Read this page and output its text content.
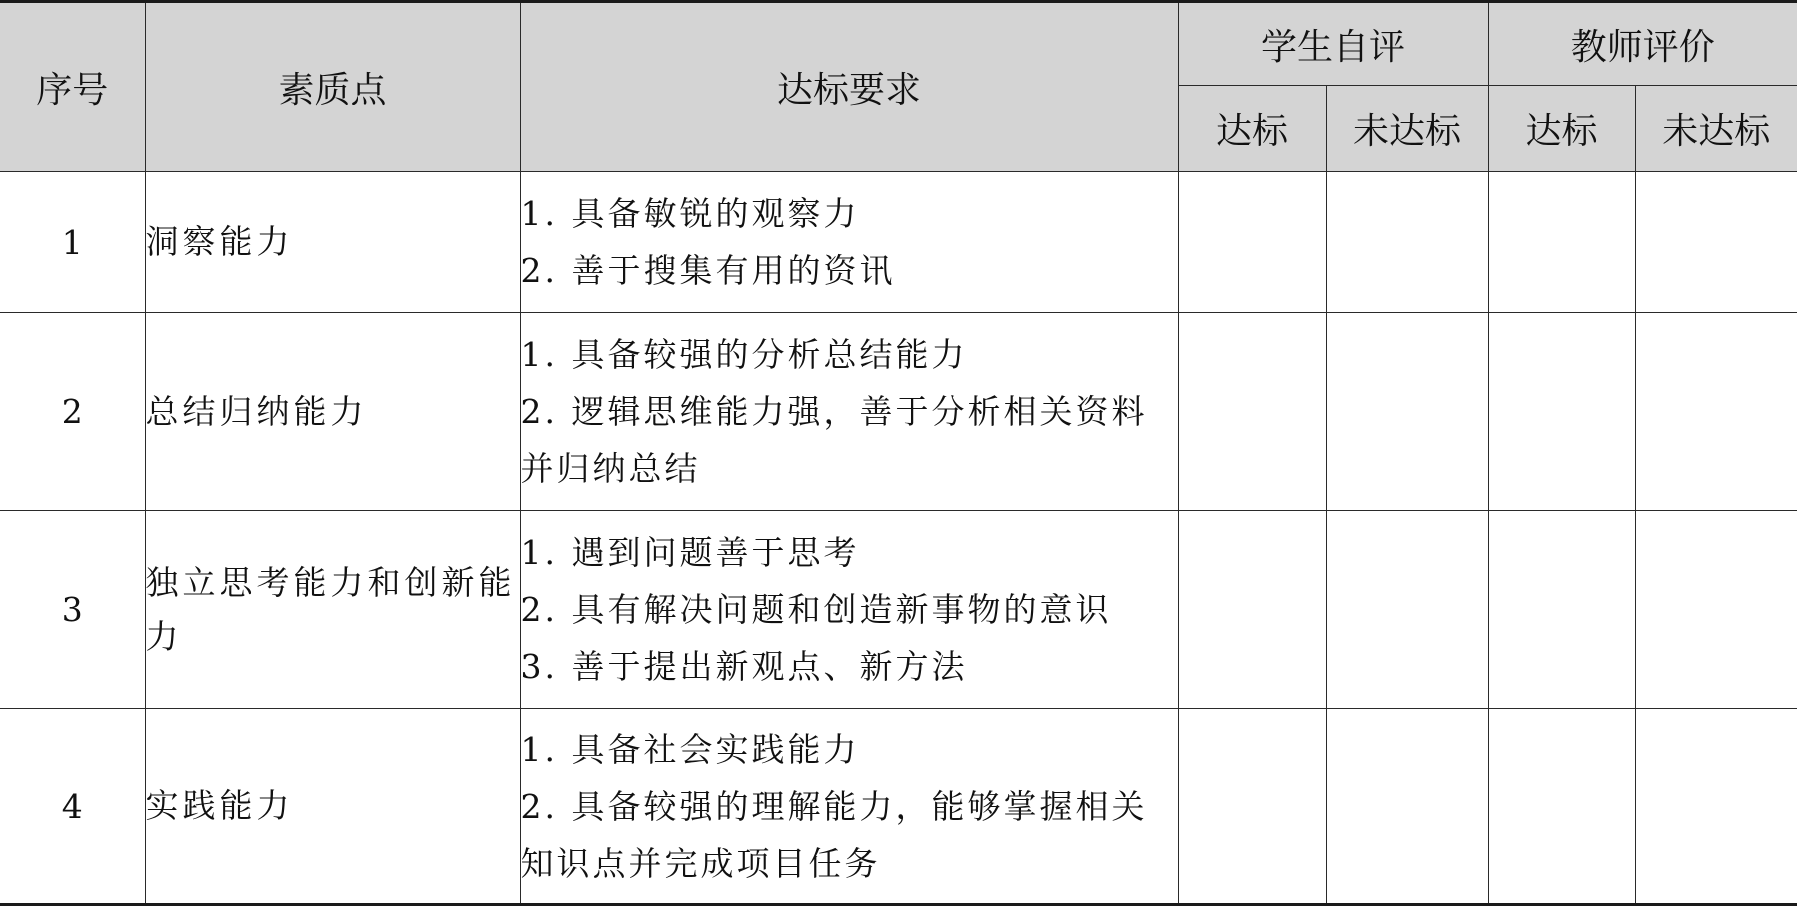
序号	素质点	达标要求	学生自评		教师评价	
			达标	未达标	达标	未达标
1	洞察能力	1. 具备敏锐的观察力
2. 善于搜集有用的资讯				

2	总结归纳能力	1. 具备较强的分析总结能力
2. 逻辑思维能力强，善于分析相关资料并归纳总结				

3	独立思考能力和创新能力	1. 遇到问题善于思考
2. 具有解决问题和创造新事物的意识
3. 善于提出新观点、新方法				

4	实践能力	1. 具备社会实践能力
2. 具备较强的理解能力，能够掌握相关知识点并完成项目任务				
